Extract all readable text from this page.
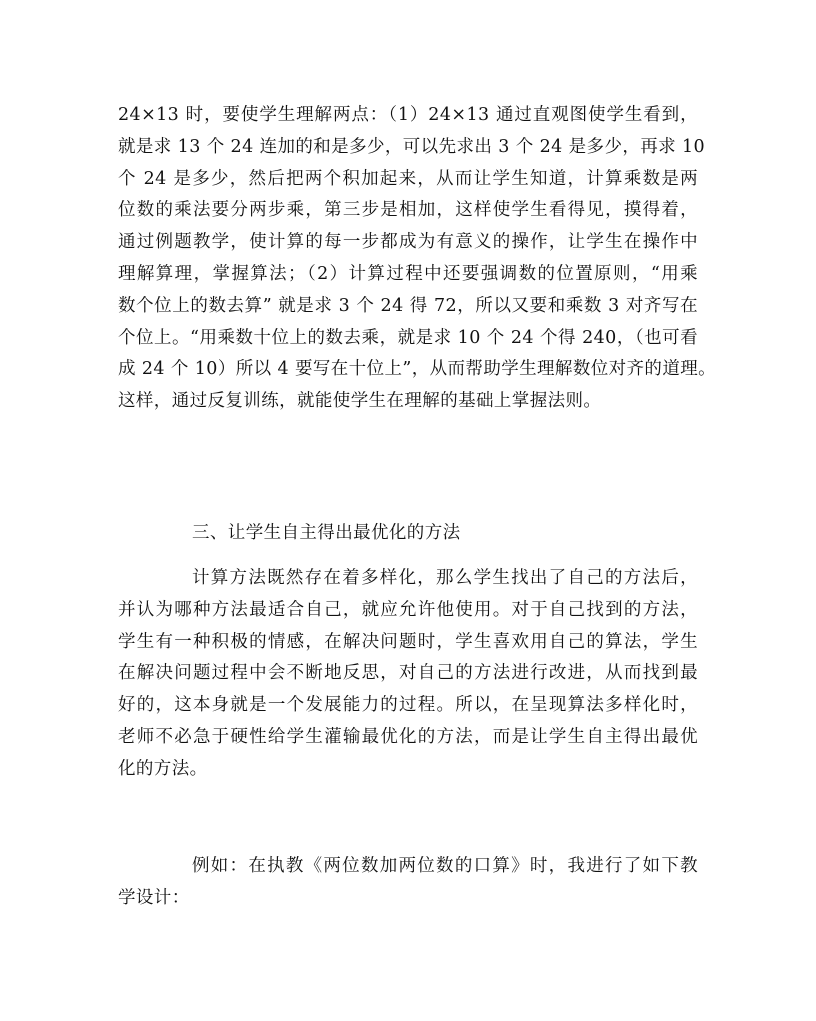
24×13 时，要使学生理解两点：（1）24×13 通过直观图使学生看到，
就是求 13 个 24 连加的和是多少，可以先求出 3 个 24 是多少，再求 10
个 24 是多少，然后把两个积加起来，从而让学生知道，计算乘数是两
位数的乘法要分两步乘，第三步是相加，这样使学生看得见，摸得着，
通过例题教学，使计算的每一步都成为有意义的操作，让学生在操作中
理解算理，掌握算法；（2）计算过程中还要强调数的位置原则，“用乘
数个位上的数去算” 就是求 3 个 24 得 72，所以又要和乘数 3 对齐写在
个位上。“用乘数十位上的数去乘，就是求 10 个 24 个得 240，（也可看
成 24 个 10）所以 4 要写在十位上”，从而帮助学生理解数位对齐的道理。
这样，通过反复训练，就能使学生在理解的基础上掌握法则。
三、让学生自主得出最优化的方法
计算方法既然存在着多样化，那么学生找出了自己的方法后，
并认为哪种方法最适合自己，就应允许他使用。对于自己找到的方法，
学生有一种积极的情感，在解决问题时，学生喜欢用自己的算法，学生
在解决问题过程中会不断地反思，对自己的方法进行改进，从而找到最
好的，这本身就是一个发展能力的过程。所以，在呈现算法多样化时，
老师不必急于硬性给学生灌输最优化的方法，而是让学生自主得出最优
化的方法。
例如：在执教《两位数加两位数的口算》时，我进行了如下教
学设计：
